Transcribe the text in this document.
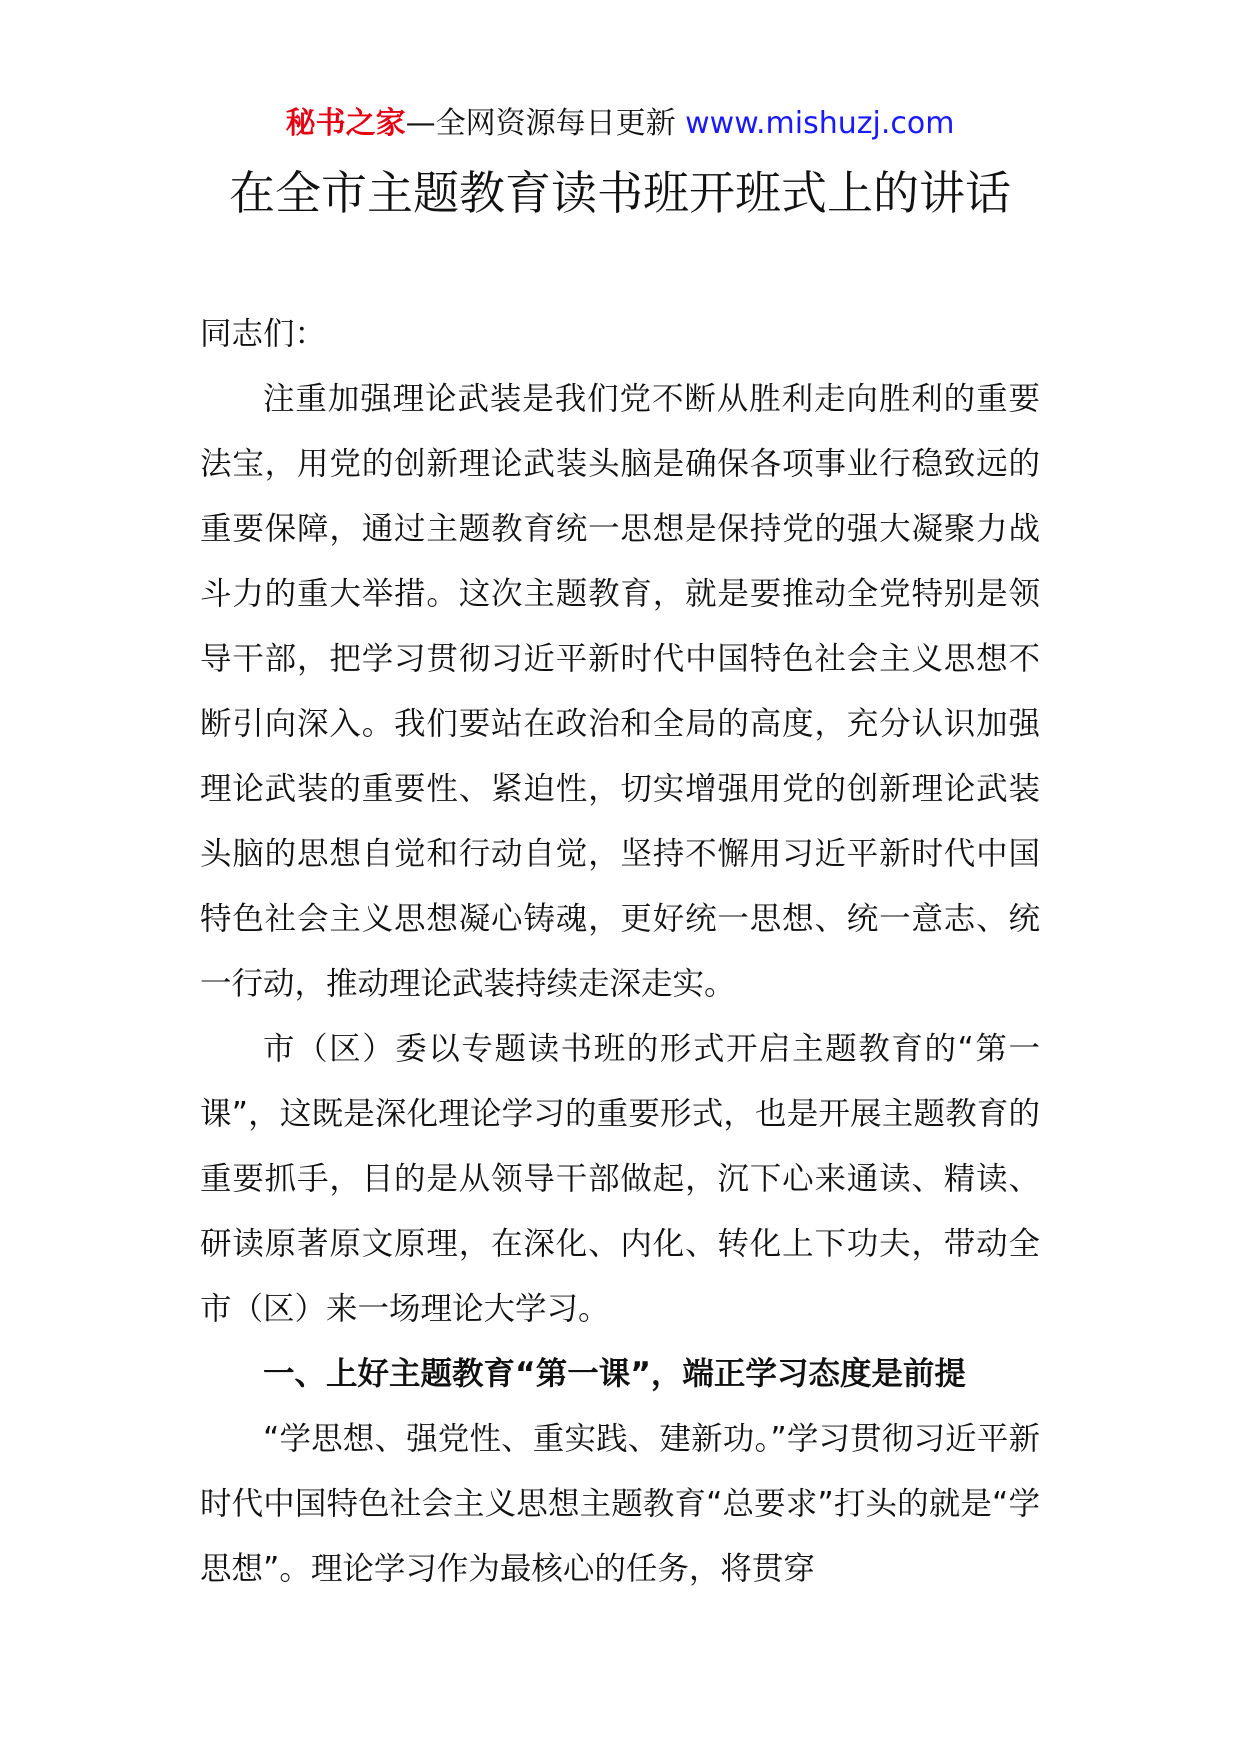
秘书之家—全网资源每日更新 www.mishuzj.com
在全市主题教育读书班开班式上的讲话

同志们：

注重加强理论武装是我们党不断从胜利走向胜利的重要法宝，用党的创新理论武装头脑是确保各项事业行稳致远的重要保障，通过主题教育统一思想是保持党的强大凝聚力战斗力的重大举措。这次主题教育，就是要推动全党特别是领导干部，把学习贯彻习近平新时代中国特色社会主义思想不断引向深入。我们要站在政治和全局的高度，充分认识加强理论武装的重要性、紧迫性，切实增强用党的创新理论武装头脑的思想自觉和行动自觉，坚持不懈用习近平新时代中国特色社会主义思想凝心铸魂，更好统一思想、统一意志、统一行动，推动理论武装持续走深走实。

市（区）委以专题读书班的形式开启主题教育的“第一课”，这既是深化理论学习的重要形式，也是开展主题教育的重要抓手，目的是从领导干部做起，沉下心来通读、精读、研读原著原文原理，在深化、内化、转化上下功夫，带动全市（区）来一场理论大学习。

一、上好主题教育“第一课”，端正学习态度是前提

“学思想、强党性、重实践、建新功。”学习贯彻习近平新时代中国特色社会主义思想主题教育“总要求”打头的就是“学思想”。理论学习作为最核心的任务，将贯穿
